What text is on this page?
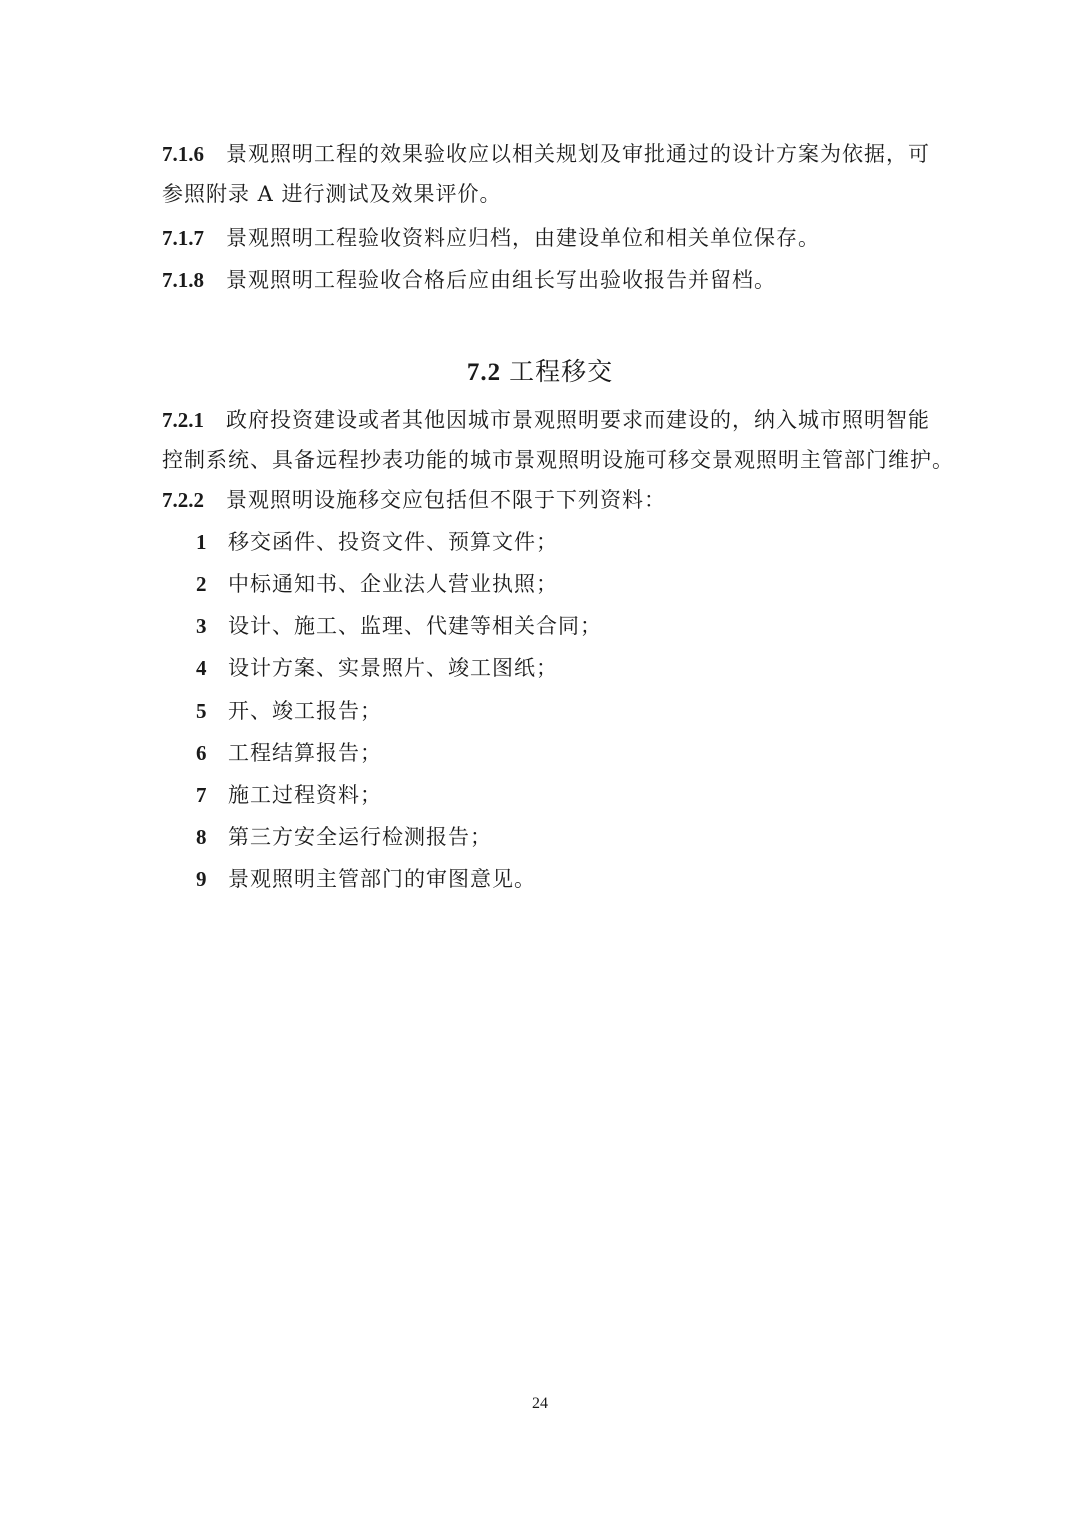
7.1.6 景观照明工程的效果验收应以相关规划及审批通过的设计方案为依据，可
参照附录 A 进行测试及效果评价。
7.1.7 景观照明工程验收资料应归档，由建设单位和相关单位保存。
7.1.8 景观照明工程验收合格后应由组长写出验收报告并留档。
7.2 工程移交
7.2.1 政府投资建设或者其他因城市景观照明要求而建设的，纳入城市照明智能
控制系统、具备远程抄表功能的城市景观照明设施可移交景观照明主管部门维护。
7.2.2 景观照明设施移交应包括但不限于下列资料：
1 移交函件、投资文件、预算文件；
2 中标通知书、企业法人营业执照；
3 设计、施工、监理、代建等相关合同；
4 设计方案、实景照片、竣工图纸；
5 开、竣工报告；
6 工程结算报告；
7 施工过程资料；
8 第三方安全运行检测报告；
9 景观照明主管部门的审图意见。
24
